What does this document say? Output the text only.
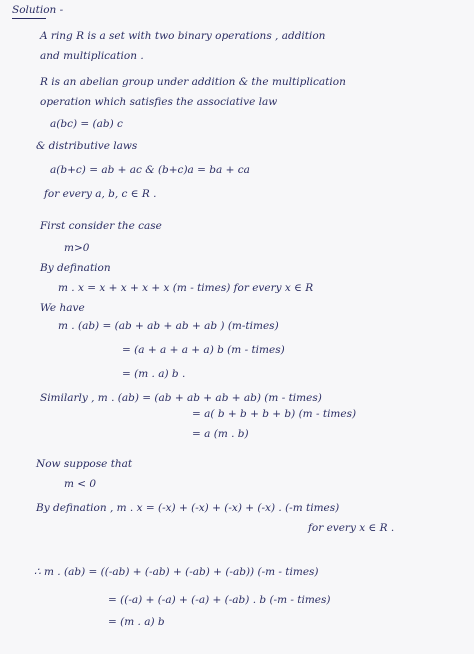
Solution -
A ring R is a set with two binary operations , addition
and multiplication .
R is an abelian group under addition & the multiplication
operation which satisfies the associative law
a(bc) = (ab) c
& distributive laws
a(b+c) = ab + ac & (b+c)a = ba + ca
for every a, b, c ∈ R .
First consider the case
m>0
By defination
m . x = x + x + x + x (m - times) for every x ∈ R
We have
m . (ab) = (ab + ab + ab + ab ) (m-times)
= (a + a + a + a) b (m - times)
= (m . a) b .
Similarly , m . (ab) = (ab + ab + ab + ab) (m - times)
= a( b + b + b + b) (m - times)
= a (m . b)
Now suppose that
m < 0
By defination , m . x = (-x) + (-x) + (-x) + (-x) . (-m times)
for every x ∈ R .
∴ m . (ab) = ((-ab) + (-ab) + (-ab) + (-ab)) (-m - times)
= ((-a) + (-a) + (-a) + (-ab) . b (-m - times)
= (m . a) b
